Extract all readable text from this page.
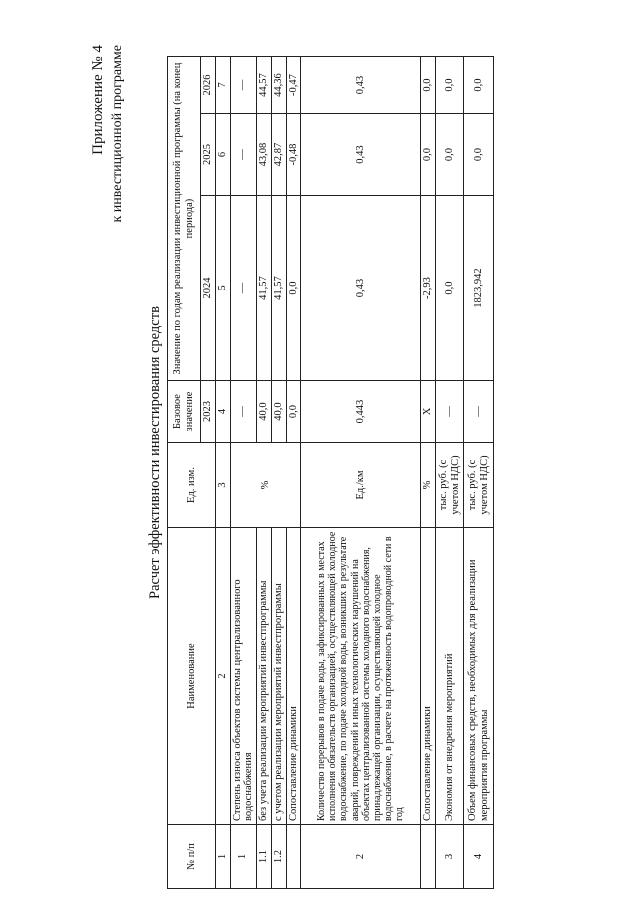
Приложение № 4 к инвестиционной программе
Расчет эффективности инвестирования средств
№ п/п	Наименование	Ед. изм.	Базовое значение	Значение по годам реализации инвестиционной программы (на конец периода)		
			2023	2024	2025	2026
1	2	3	4	5	6	7
1	Степень износа объектов системы централизованного водоснабжения	%	—	—	—	—
1.1	без учета реализации мероприятий инвестпрограммы		40,0	41,57	43,08	44,57
1.2	с учетом реализации мероприятий инвестпрограммы		40,0	41,57	42,87	44,36
	Сопоставление динамики		0,0	0,0	-0,48	-0,47
2	Количество перерывов в подаче воды, зафиксированных в местах исполнения обязательств организацией, осуществляющей холодное водоснабжение, по подаче холодной воды, возникших в результате аварий, повреждений и иных технологических нарушений на объектах централизованной системы холодного водоснабжения, принадлежащей организации, осуществляющей холодное водоснабжение, в расчете на протяженность водопроводной сети в год	Ед./км	0,443	0,43	0,43	0,43
	Сопоставление динамики	%	Х	-2,93	0,0	0,0
3	Экономия от внедрения мероприятий	тыс. руб. (с учетом НДС)	—	0,0	0,0	0,0
4	Объем финансовых средств, необходимых для реализации мероприятия программы	тыс. руб. (с учетом НДС)	—	1823,942	0,0	0,0
